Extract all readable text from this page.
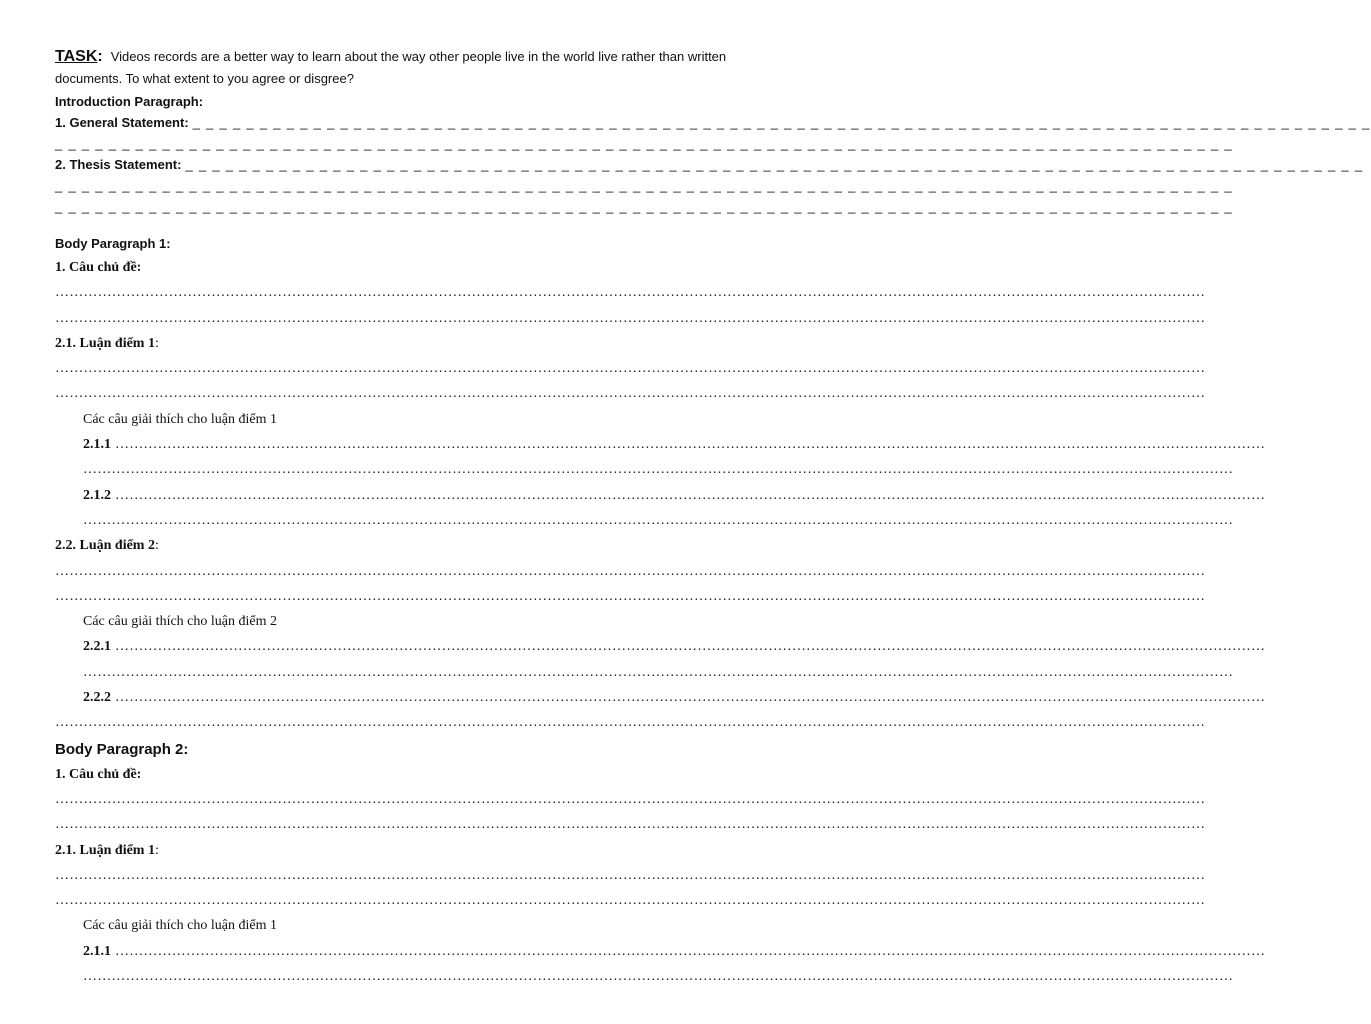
TASK: Videos records are a better way to learn about the way other people live in the world live rather than written documents. To what extent to you agree or disgree?

Introduction Paragraph:
1. General Statement: _ _ _ _ _ _ _ _ _ _ _ _ _ _ _ _ _ _ _ _ _ _ _ _ _ _ _ _ _ _ _ _ _ _ _ _ _ _ _ _ _ _ _ _ _ _ _ _ _ _ _ _ _ _ _ _ _ _ _ _ _ _ _ _ _ _ _ _ _ _ _ _ _ _ _ _ _ _ _ _ _ _ _ _ _ _ _ _
_ _ _ _ _ _ _ _ _ _ _ _ _ _ _ _ _ _ _ _ _ _ _ _ _ _ _ _ _ _ _ _ _ _ _ _ _ _ _ _ _ _ _ _ _ _ _ _ _ _ _ _ _ _ _ _ _ _ _ _ _ _ _ _ _ _ _ _ _ _ _ _ _ _ _ _ _ _ _ _ _ _ _ _ _ _ _ _
2. Thesis Statement: _ _ _ _ _ _ _ _ _ _ _ _ _ _ _ _ _ _ _ _ _ _ _ _ _ _ _ _ _ _ _ _ _ _ _ _ _ _ _ _ _ _ _ _ _ _ _ _ _ _ _ _ _ _ _ _ _ _ _ _ _ _ _ _ _ _ _ _ _ _ _ _ _ _ _ _ _ _ _ _ _ _ _ _ _ _ _ _
_ _ _ _ _ _ _ _ _ _ _ _ _ _ _ _ _ _ _ _ _ _ _ _ _ _ _ _ _ _ _ _ _ _ _ _ _ _ _ _ _ _ _ _ _ _ _ _ _ _ _ _ _ _ _ _ _ _ _ _ _ _ _ _ _ _ _ _ _ _ _ _ _ _ _ _ _ _ _ _ _ _ _ _ _ _ _ _
_ _ _ _ _ _ _ _ _ _ _ _ _ _ _ _ _ _ _ _ _ _ _ _ _ _ _ _ _ _ _ _ _ _ _ _ _ _ _ _ _ _ _ _ _ _ _ _ _ _ _ _ _ _ _ _ _ _ _ _ _ _ _ _ _ _ _ _ _ _ _ _ _ _ _ _ _ _ _ _ _ _ _ _ _ _ _ _
Body Paragraph 1:
1. Câu chủ đề:
………………………………………………………………………………………………………………………………………………………………………………………………………………………
………………………………………………………………………………………………………………………………………………………………………………………………………………………
2.1. Luận điểm 1:
………………………………………………………………………………………………………………………………………………………………………………………………………………………
………………………………………………………………………………………………………………………………………………………………………………………………………………………
Các câu giải thích cho luận điểm 1
2.1.1 ………………………………………………………………………………………………………………………………………………………………………………………………………………………
………………………………………………………………………………………………………………………………………………………………………………………………………………………
2.1.2 ………………………………………………………………………………………………………………………………………………………………………………………………………………………
………………………………………………………………………………………………………………………………………………………………………………………………………………………
2.2. Luận điểm 2:
………………………………………………………………………………………………………………………………………………………………………………………………………………………
………………………………………………………………………………………………………………………………………………………………………………………………………………………
Các câu giải thích cho luận điểm 2
2.2.1 ………………………………………………………………………………………………………………………………………………………………………………………………………………………
………………………………………………………………………………………………………………………………………………………………………………………………………………………
2.2.2 ………………………………………………………………………………………………………………………………………………………………………………………………………………………
………………………………………………………………………………………………………………………………………………………………………………………………………………………
Body Paragraph 2:
1. Câu chủ đề:
………………………………………………………………………………………………………………………………………………………………………………………………………………………
………………………………………………………………………………………………………………………………………………………………………………………………………………………
2.1. Luận điểm 1:
………………………………………………………………………………………………………………………………………………………………………………………………………………………
………………………………………………………………………………………………………………………………………………………………………………………………………………………
Các câu giải thích cho luận điểm 1
2.1.1 ………………………………………………………………………………………………………………………………………………………………………………………………………………………
………………………………………………………………………………………………………………………………………………………………………………………………………………………
